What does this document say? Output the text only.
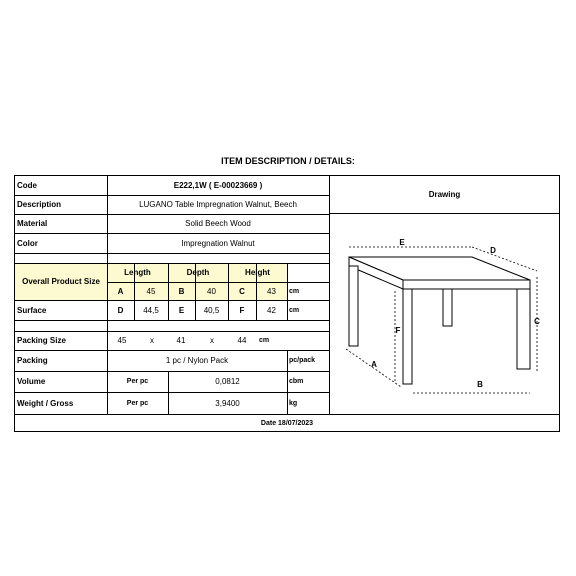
ITEM DESCRIPTION / DETAILS:
Code	E222,1W ( E-00023669 )
Description	LUGANO Table Impregnation Walnut, Beech
Material	Solid Beech Wood
Color	Impregnation Walnut
Overall Product Size
Length	Depth	Height
A	45	B	40	C	43	cm
Surface	D	44,5	E	40,5	F	42	cm
Packing Size	45	x	41	x	44	cm
Packing	1 pc / Nylon Pack	pc/pack
Volume	Per pc	0,0812	cbm
Weight / Gross	Per pc	3,9400	kg
Drawing
E
D
C
F
A
B
Date 18/07/2023
